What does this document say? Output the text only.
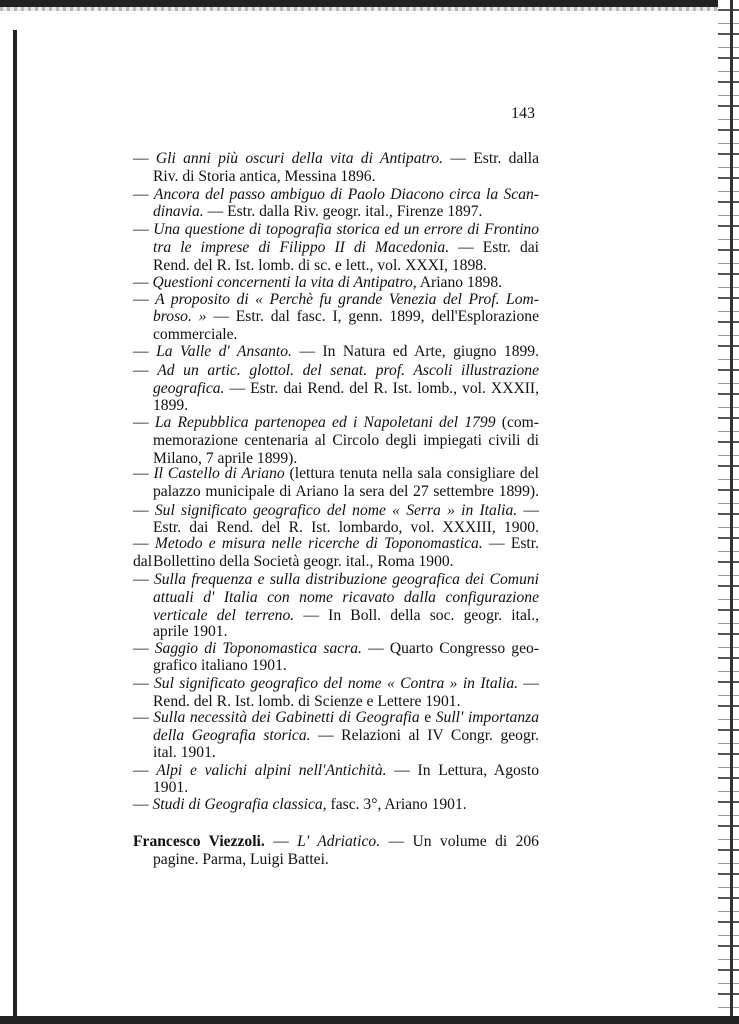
143
— Gli anni più oscuri della vita di Antipatro. — Estr. dalla
Riv. di Storia antica, Messina 1896.
— Ancora del passo ambiguo di Paolo Diacono circa la Scan-
dinavia. — Estr. dalla Riv. geogr. ital., Firenze 1897.
— Una questione di topografia storica ed un errore di Frontino
tra le imprese di Filippo II di Macedonia. — Estr. dai
Rend. del R. Ist. lomb. di sc. e lett., vol. XXXI, 1898.
— Questioni concernenti la vita di Antipatro, Ariano 1898.
— A proposito di « Perchè fu grande Venezia del Prof. Lom-
broso. » — Estr. dal fasc. I, genn. 1899, dell'Esplorazione
commerciale.
— La Valle d' Ansanto. — In Natura ed Arte, giugno 1899.
— Ad un artic. glottol. del senat. prof. Ascoli illustrazione
geografica. — Estr. dai Rend. del R. Ist. lomb., vol. XXXII,
1899.
— La Repubblica partenopea ed i Napoletani del 1799 (com-
memorazione centenaria al Circolo degli impiegati civili di
Milano, 7 aprile 1899).
— Il Castello di Ariano (lettura tenuta nella sala consigliare del
palazzo municipale di Ariano la sera del 27 settembre 1899).
— Sul significato geografico del nome « Serra » in Italia. —
Estr. dai Rend. del R. Ist. lombardo, vol. XXXIII, 1900.
— Metodo e misura nelle ricerche di Toponomastica. — Estr. dal Bollettino della Società geogr. ital., Roma 1900.
— Sulla frequenza e sulla distribuzione geografica dei Comuni
attuali d' Italia con nome ricavato dalla configurazione
verticale del terreno. — In Boll. della soc. geogr. ital.,
aprile 1901.
— Saggio di Toponomastica sacra. — Quarto Congresso geo-
grafico italiano 1901.
— Sul significato geografico del nome « Contra » in Italia. —
Rend. del R. Ist. lomb. di Scienze e Lettere 1901.
— Sulla necessità dei Gabinetti di Geografia e Sull' importanza
della Geografia storica. — Relazioni al IV Congr. geogr.
ital. 1901.
— Alpi e valichi alpini nell'Antichità. — In Lettura, Agosto
1901.
— Studi di Geografia classica, fasc. 3°, Ariano 1901.
Francesco Viezzoli. — L' Adriatico. — Un volume di 206
pagine. Parma, Luigi Battei.
